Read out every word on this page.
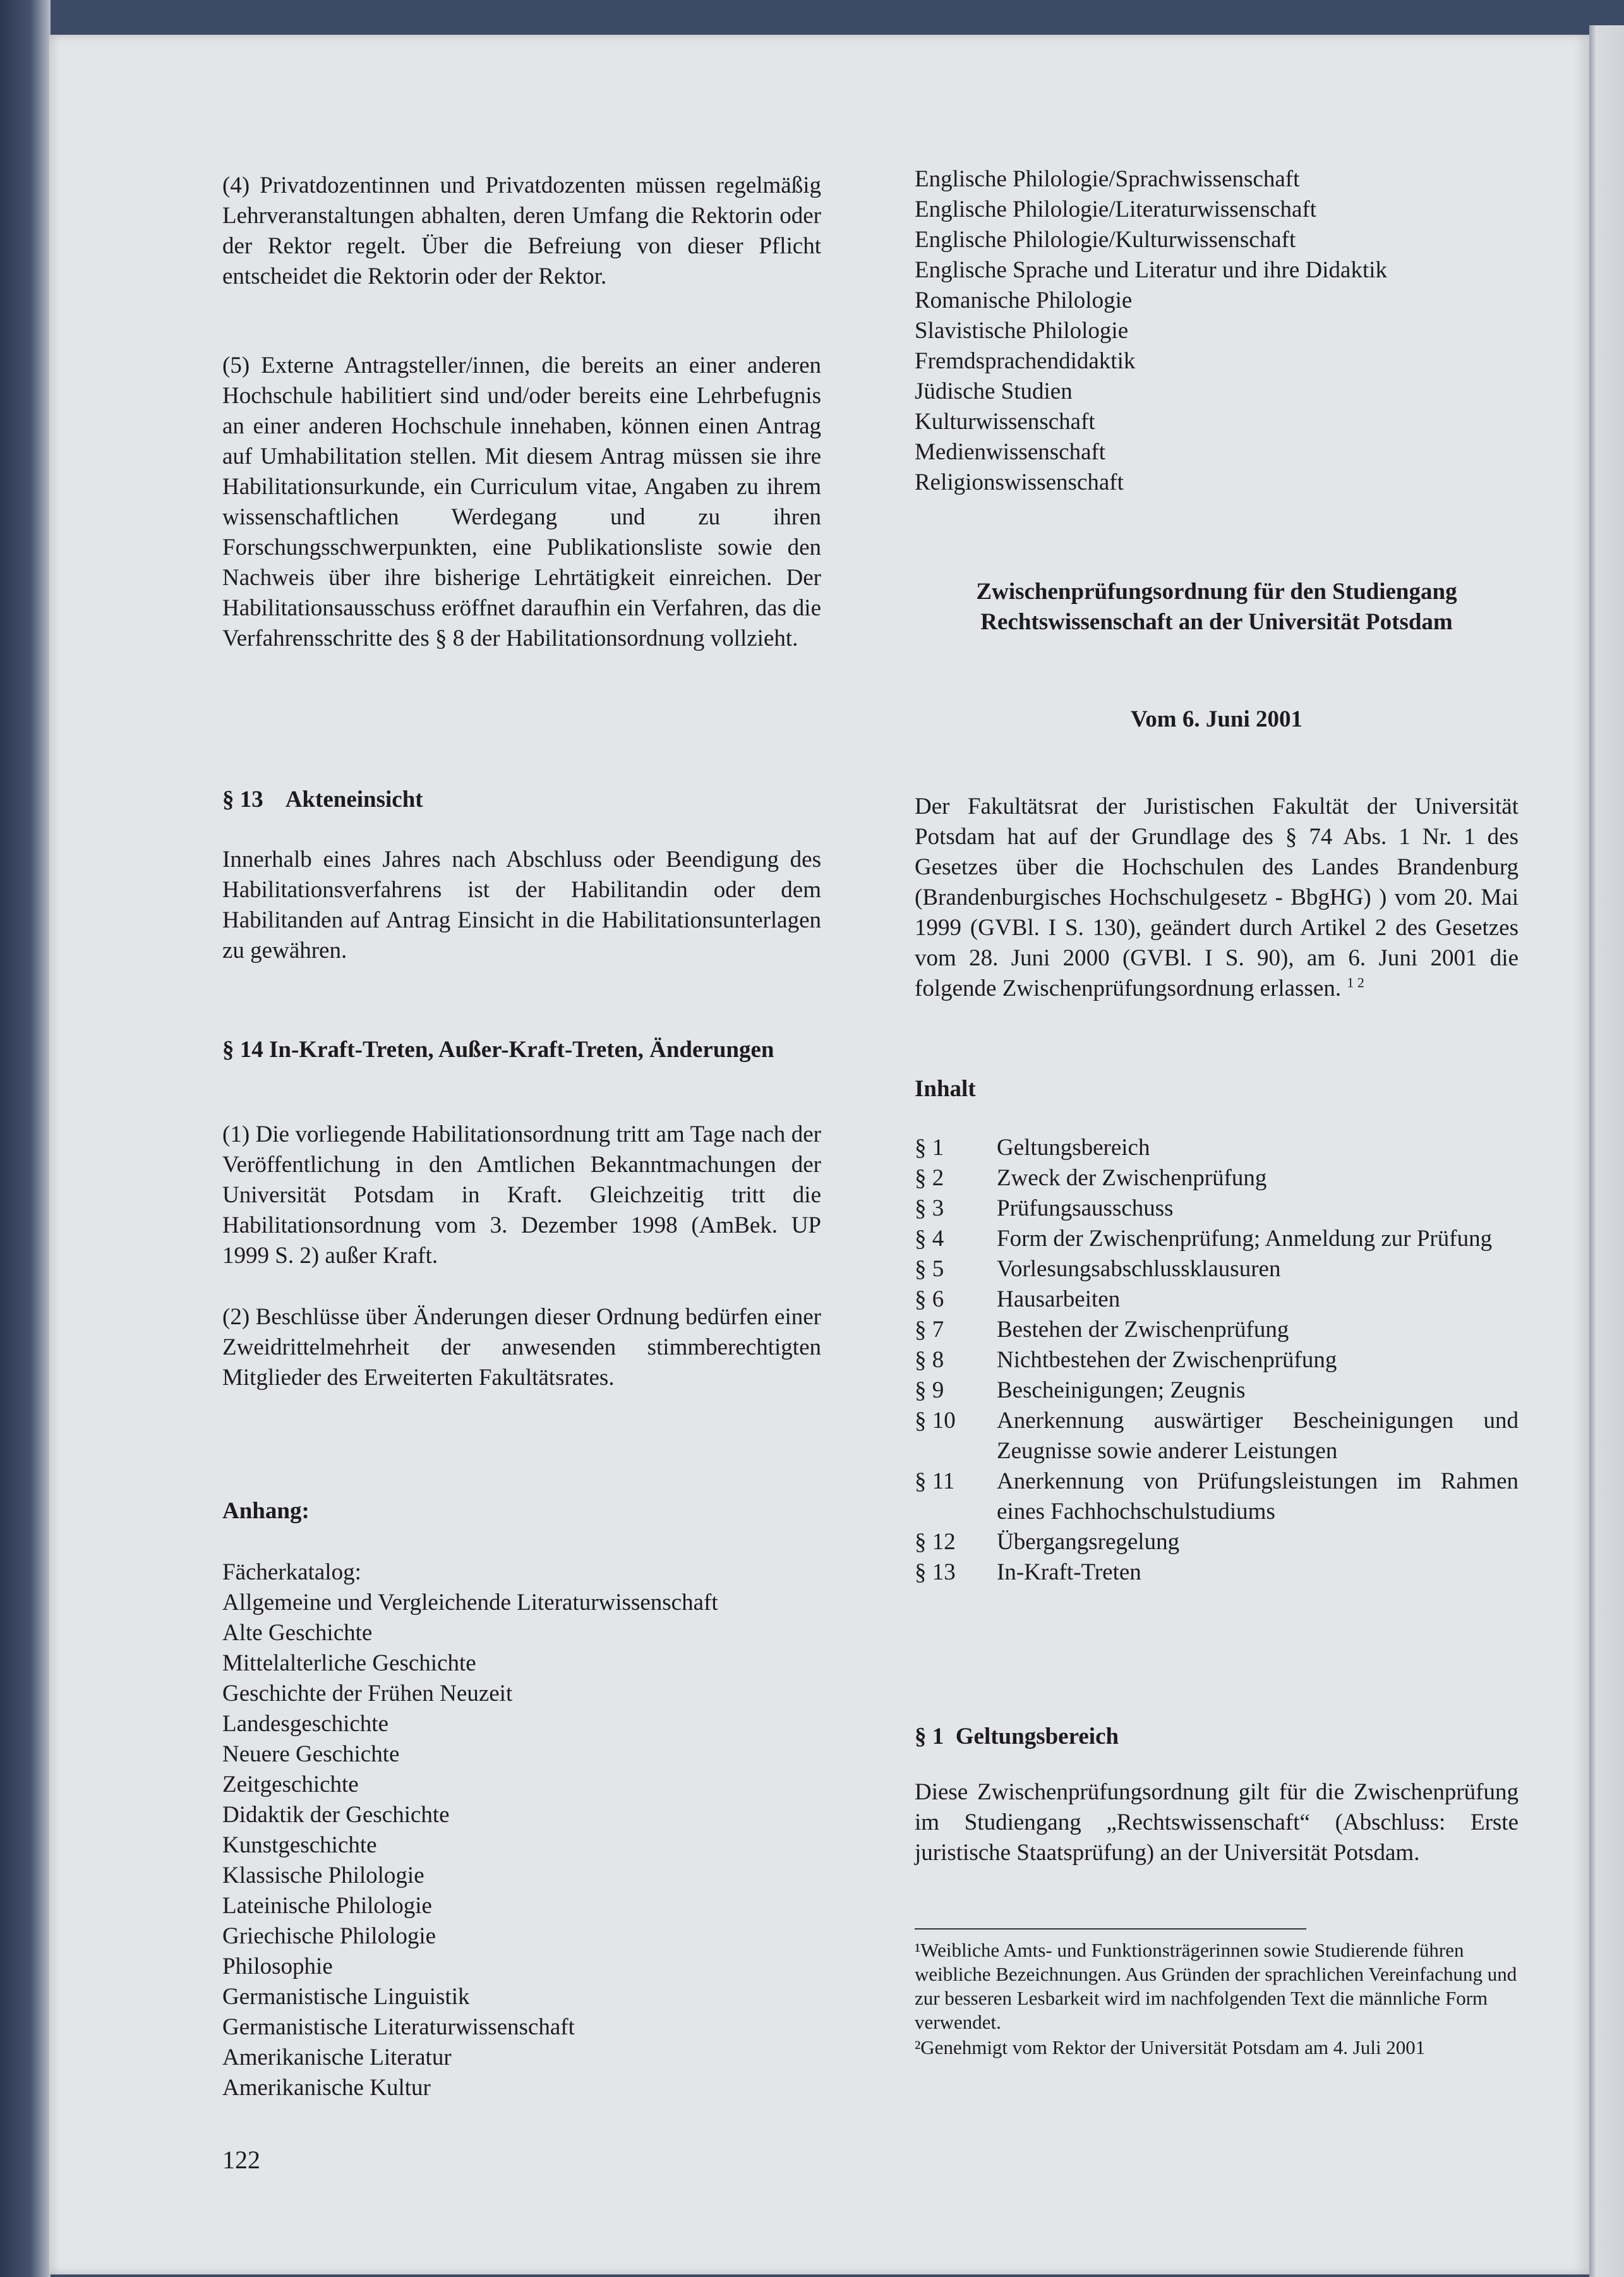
(4) Privatdozentinnen und Privatdozenten müssen regelmäßig Lehrveranstaltungen abhalten, deren Umfang die Rektorin oder der Rektor regelt. Über die Befreiung von dieser Pflicht entscheidet die Rektorin oder der Rektor.

(5) Externe Antragsteller/innen, die bereits an einer anderen Hochschule habilitiert sind und/oder bereits eine Lehrbefugnis an einer anderen Hochschule innehaben, können einen Antrag auf Umhabilitation stellen. Mit diesem Antrag müssen sie ihre Habilitationsurkunde, ein Curriculum vitae, Angaben zu ihrem wissenschaftlichen Werdegang und zu ihren Forschungsschwerpunkten, eine Publikationsliste sowie den Nachweis über ihre bisherige Lehrtätigkeit einreichen. Der Habilitationsausschuss eröffnet daraufhin ein Verfahren, das die Verfahrensschritte des § 8 der Habilitationsordnung vollzieht.

§ 13    Akteneinsicht

Innerhalb eines Jahres nach Abschluss oder Beendigung des Habilitationsverfahrens ist der Habilitandin oder dem Habilitanden auf Antrag Einsicht in die Habilitationsunterlagen zu gewähren.

§ 14 In-Kraft-Treten, Außer-Kraft-Treten, Änderungen

(1) Die vorliegende Habilitationsordnung tritt am Tage nach der Veröffentlichung in den Amtlichen Bekanntmachungen der Universität Potsdam in Kraft. Gleichzeitig tritt die Habilitationsordnung vom 3. Dezember 1998 (AmBek. UP 1999 S. 2) außer Kraft.

(2) Beschlüsse über Änderungen dieser Ordnung bedürfen einer Zweidrittelmehrheit der anwesenden stimmberechtigten Mitglieder des Erweiterten Fakultätsrates.

Anhang:

Fächerkatalog:

Allgemeine und Vergleichende Literaturwissenschaft

Alte Geschichte

Mittelalterliche Geschichte

Geschichte der Frühen Neuzeit

Landesgeschichte

Neuere Geschichte

Zeitgeschichte

Didaktik der Geschichte

Kunstgeschichte

Klassische Philologie

Lateinische Philologie

Griechische Philologie

Philosophie

Germanistische Linguistik

Germanistische Literaturwissenschaft

Amerikanische Literatur

Amerikanische Kultur

Englische Philologie/Sprachwissenschaft

Englische Philologie/Literaturwissenschaft

Englische Philologie/Kulturwissenschaft

Englische Sprache und Literatur und ihre Didaktik

Romanische Philologie

Slavistische Philologie

Fremdsprachendidaktik

Jüdische Studien

Kulturwissenschaft

Medienwissenschaft

Religionswissenschaft

Zwischenprüfungsordnung für den Studiengang Rechtswissenschaft an der Universität Potsdam

Vom 6. Juni 2001

Der Fakultätsrat der Juristischen Fakultät der Universität Potsdam hat auf der Grundlage des § 74 Abs. 1 Nr. 1 des Gesetzes über die Hochschulen des Landes Brandenburg (Brandenburgisches Hochschulgesetz - BbgHG) ) vom 20. Mai 1999 (GVBl. I S. 130), geändert durch Artikel 2 des Gesetzes vom 28. Juni 2000 (GVBl. I S. 90), am 6. Juni 2001 die folgende Zwischenprüfungsordnung erlassen. $^{1 2}$

Inhalt

§ 1	Geltungsbereich
§ 2	Zweck der Zwischenprüfung
§ 3	Prüfungsausschuss
§ 4	Form der Zwischenprüfung; Anmeldung zur Prüfung
§ 5	Vorlesungsabschlussklausuren
§ 6	Hausarbeiten
§ 7	Bestehen der Zwischenprüfung
§ 8	Nichtbestehen der Zwischenprüfung
§ 9	Bescheinigungen; Zeugnis
§ 10	Anerkennung auswärtiger Bescheinigungen und Zeugnisse sowie anderer Leistungen
§ 11	Anerkennung von Prüfungsleistungen im Rahmen eines Fachhochschulstudiums
§ 12	Übergangsregelung
§ 13	In-Kraft-Treten

§ 1  Geltungsbereich

Diese Zwischenprüfungsordnung gilt für die Zwischenprüfung im Studiengang „Rechtswissenschaft“ (Abschluss: Erste juristische Staatsprüfung) an der Universität Potsdam.

¹Weibliche Amts- und Funktionsträgerinnen sowie Studierende führen weibliche Bezeichnungen. Aus Gründen der sprachlichen Vereinfachung und zur besseren Lesbarkeit wird im nachfolgenden Text die männliche Form verwendet.

²Genehmigt vom Rektor der Universität Potsdam am 4. Juli 2001

122
